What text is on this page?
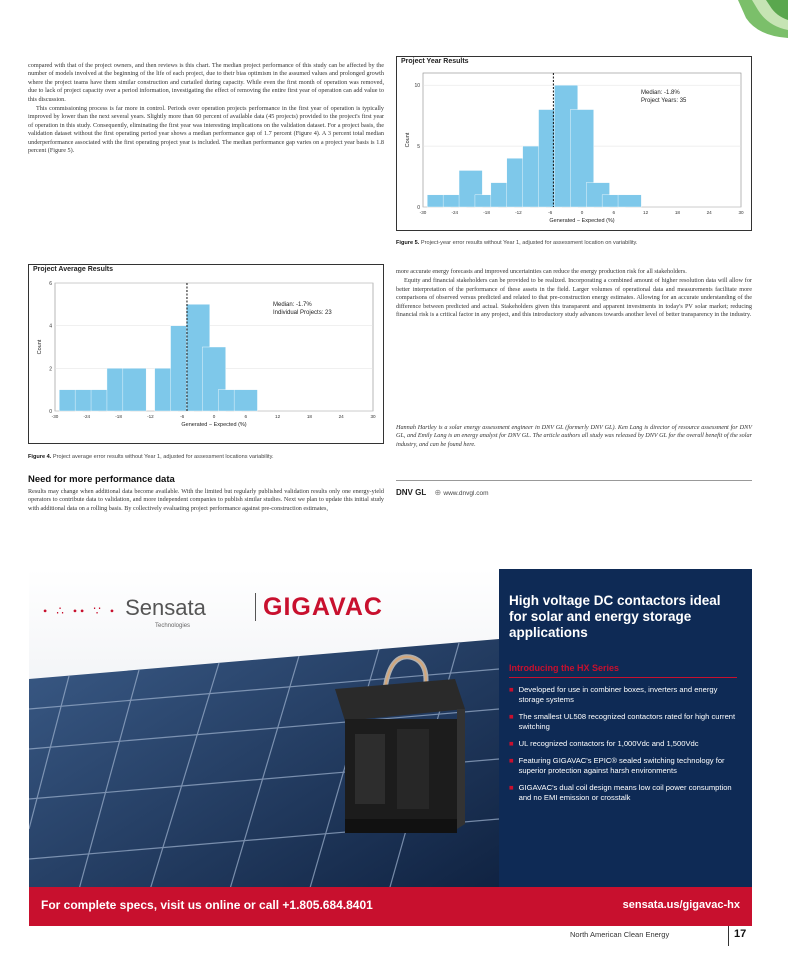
compared with that of the project owners, and then reviews is this chart. The median project performance of this study can be affected by the number of models involved at the beginning of the life of each project, due to their bias optimism in the assumed values and prolonged growth where the project teams have them similar construction and curtailed during capacity. While even the first month of operation was removed, due to lack of project capacity over a period information, investigating the effect of removing the entire first year of operation can add value to this discussion.

This commissioning process is far more in control. Periods over operation projects performance in the first year of operation is typically improved by lower than the next several years. Slightly more than 60 percent of available data (45 projects) provided to the project's first year of operation in this study. Consequently, eliminating the first year was interesting implications on the validation dataset. For a project basis, the validation dataset without the first operating period year shows a median performance gap of 1.7 percent (Figure 4). A 3 percent total median underperformance associated with the first operating project year is included. The median performance gap varies on a project year basis is 1.8 percent (Figure 5).

Project Year Results
0
5
10
-30	-24	-18	-12	-6	0	6	12	18	24	30
Generated − Expected (%)
Count
Median: -1.8%
Project Years: 35
Figure 5. Project-year error results without Year 1, adjusted for assessment location on variability.
Project Average Results
0
2
4
6
-30	-24	-18	-12	-6	0	6	12	18	24	30
Generated − Expected (%)
Count
Median: -1.7%
Individual Projects: 23
Figure 4. Project average error results without Year 1, adjusted for assessment locations variability.
Need for more performance data

Results may change when additional data become available. With the limited but regularly published validation results only one energy-yield operators to contribute data to validation, and more independent companies to publish similar studies. Next we plan to update this initial study with additional data on a rolling basis. By collectively evaluating project performance against pre-construction estimates,

more accurate energy forecasts and improved uncertainties can reduce the energy production risk for all stakeholders.

Equity and financial stakeholders can be provided to be realized. Incorporating a combined amount of higher resolution data will allow for better interpretation of the performance of these assets in the field. Larger volumes of operational data and measurements facilitate more comparisons of observed versus predicted and related to that pre-construction energy estimates. Allowing for an accurate understanding of the difference between predicted and actual. Stakeholders given this transparent and apparent investments in today's PV solar market; reducing financial risk is a critical factor in any project, and this introductory study advances towards another level of better transparency in the industry.

Hannah Hartley is a solar energy assessment engineer in DNV GL (formerly DNV GL). Ken Lang is director of resource assessment for DNV GL, and Emily Lang is an energy analyst for DNV GL. The article authors all study was released by DNV GL for the overall benefit of the solar industry, and can be found here.

DNV GL ⊕ www.dnvgl.com
• ∴ •• ∵ • Sensata
Technologies
GIGAVAC	High voltage DC contactors ideal for solar and energy storage applications
Introducing the HX Series
■ Developed for use in combiner boxes, inverters and energy storage systems
■ The smallest UL508 recognized contactors rated for high current switching
■ UL recognized contactors for 1,000Vdc and 1,500Vdc
■ Featuring GIGAVAC's EPIC® sealed switching technology for superior protection against harsh environments
■ GIGAVAC's dual coil design means low coil power consumption and no EMI emission or crosstalk
For complete specs, visit us online or call +1.805.684.8401	sensata.us/gigavac-hx
North American Clean Energy	17
